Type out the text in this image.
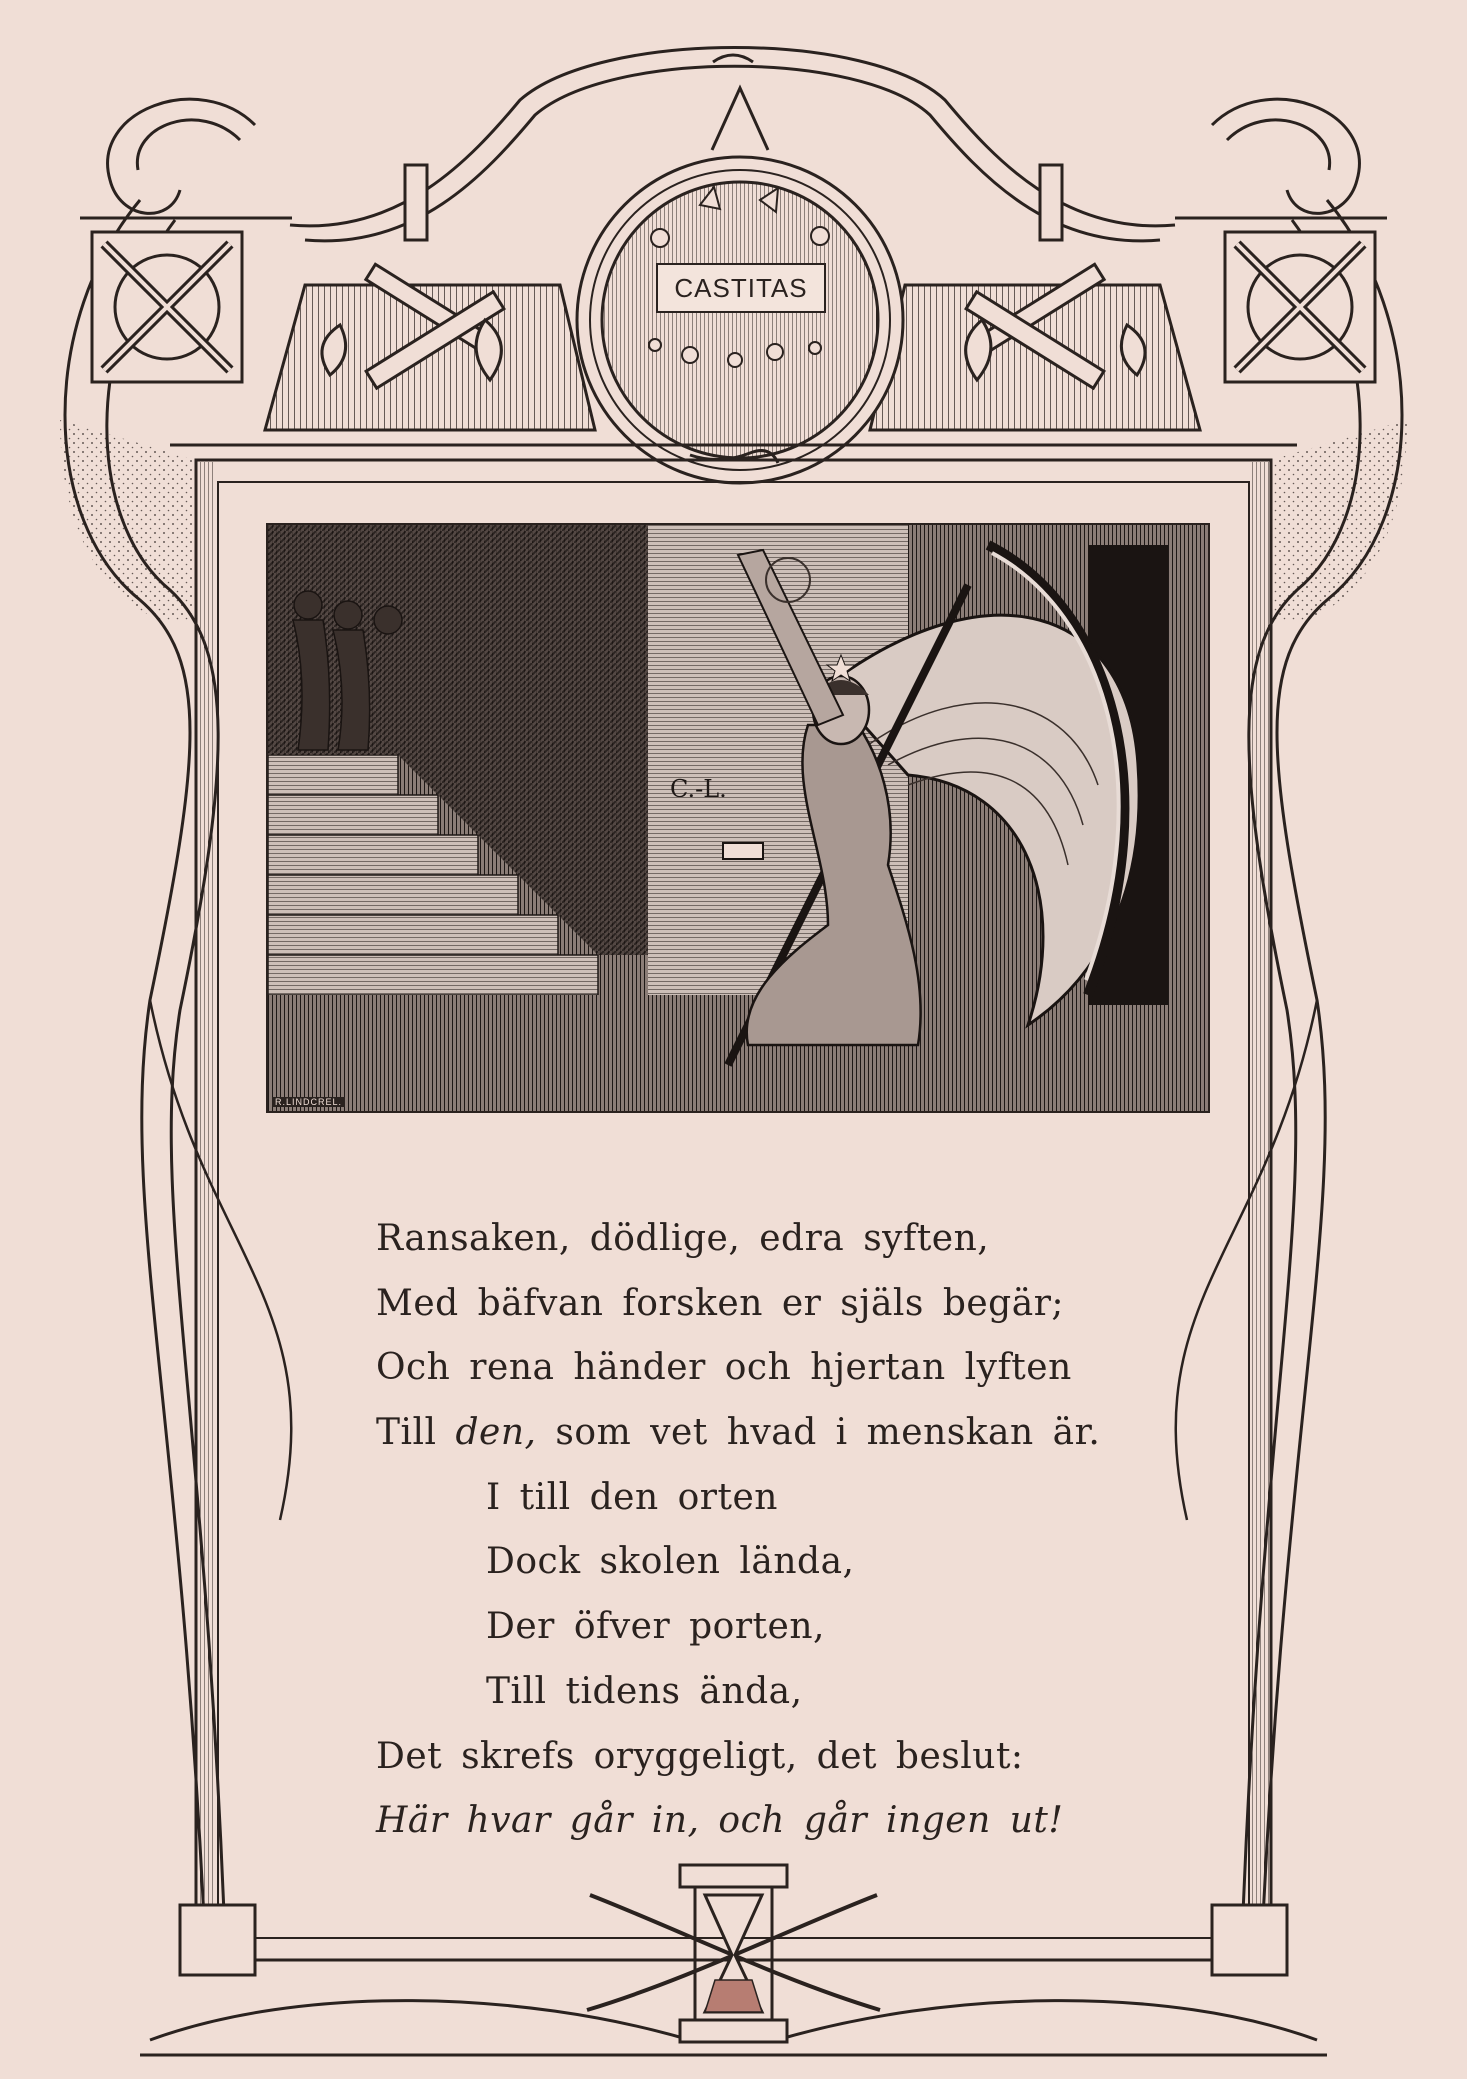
CASTITAS
C.-L.
R.LINDCREL.
Ransaken, dödlige, edra syften,
Med bäfvan forsken er själs begär;
Och rena händer och hjertan lyften
Till den, som vet hvad i menskan är.
I till den orten
Dock skolen lända,
Der öfver porten,
Till tidens ända,
Det skrefs oryggeligt, det beslut:
Här hvar går in, och går ingen ut!
